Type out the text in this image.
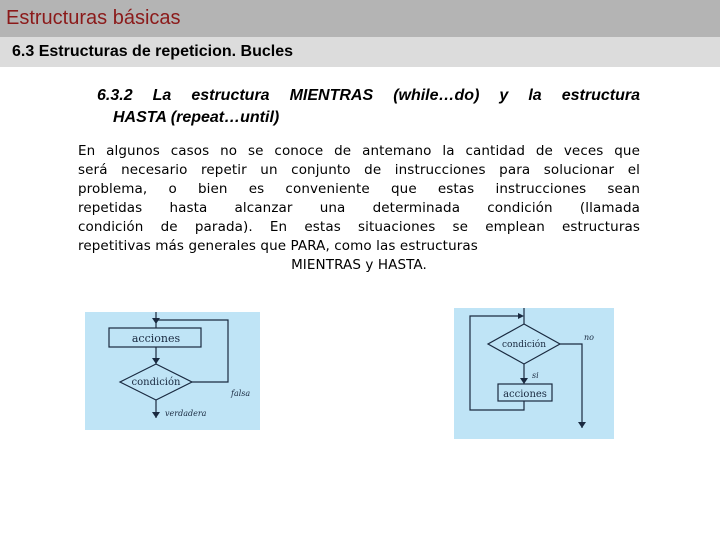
Estructuras básicas
6.3 Estructuras de repeticion. Bucles
6.3.2 La estructura MIENTRAS (while…do) y la estructura
HASTA (repeat…until)
En algunos casos no se conoce de antemano la cantidad de veces que
será necesario repetir un conjunto de instrucciones para solucionar el
problema, o bien es conveniente que estas instrucciones sean
repetidas hasta alcanzar una determinada condición (llamada
condición de parada). En estas situaciones se emplean estructuras
repetitivas más generales que PARA, como las estructuras
MIENTRAS y HASTA.
acciones
condición
falsa
verdadera
condición
no
si
acciones
